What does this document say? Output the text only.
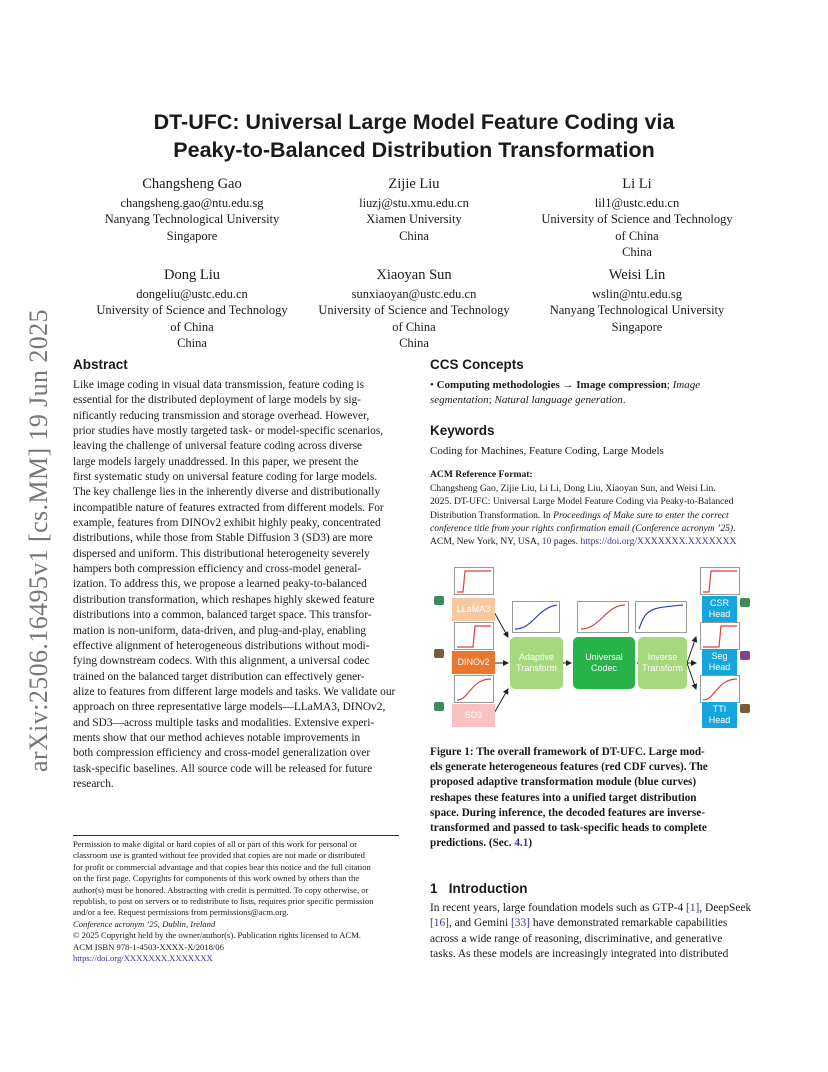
arXiv:2506.16495v1 [cs.MM] 19 Jun 2025
DT-UFC: Universal Large Model Feature Coding via
Peaky-to-Balanced Distribution Transformation
Changsheng Gao
changsheng.gao@ntu.edu.sg
Nanyang Technological University
Singapore
Zijie Liu
liuzj@stu.xmu.edu.cn
Xiamen University
China
Li Li
lil1@ustc.edu.cn
University of Science and Technology
of China
China
Dong Liu
dongeliu@ustc.edu.cn
University of Science and Technology
of China
China
Xiaoyan Sun
sunxiaoyan@ustc.edu.cn
University of Science and Technology
of China
China
Weisi Lin
wslin@ntu.edu.sg
Nanyang Technological University
Singapore
Abstract
Like image coding in visual data transmission, feature coding is
essential for the distributed deployment of large models by sig-
nificantly reducing transmission and storage overhead. However,
prior studies have mostly targeted task- or model-specific scenarios,
leaving the challenge of universal feature coding across diverse
large models largely unaddressed. In this paper, we present the
first systematic study on universal feature coding for large models.
The key challenge lies in the inherently diverse and distributionally
incompatible nature of features extracted from different models. For
example, features from DINOv2 exhibit highly peaky, concentrated
distributions, while those from Stable Diffusion 3 (SD3) are more
dispersed and uniform. This distributional heterogeneity severely
hampers both compression efficiency and cross-model general-
ization. To address this, we propose a learned peaky-to-balanced
distribution transformation, which reshapes highly skewed feature
distributions into a common, balanced target space. This transfor-
mation is non-uniform, data-driven, and plug-and-play, enabling
effective alignment of heterogeneous distributions without modi-
fying downstream codecs. With this alignment, a universal codec
trained on the balanced target distribution can effectively gener-
alize to features from different large models and tasks. We validate our
approach on three representative large models—LLaMA3, DINOv2,
and SD3—across multiple tasks and modalities. Extensive experi-
ments show that our method achieves notable improvements in
both compression efficiency and cross-model generalization over
task-specific baselines. All source code will be released for future
research.
Permission to make digital or hard copies of all or part of this work for personal or
classroom use is granted without fee provided that copies are not made or distributed
for profit or commercial advantage and that copies bear this notice and the full citation
on the first page. Copyrights for components of this work owned by others than the
author(s) must be honored. Abstracting with credit is permitted. To copy otherwise, or
republish, to post on servers or to redistribute to lists, requires prior specific permission
and/or a fee. Request permissions from permissions@acm.org.
Conference acronym ’25, Dublin, Ireland
© 2025 Copyright held by the owner/author(s). Publication rights licensed to ACM.
ACM ISBN 978-1-4503-XXXX-X/2018/06
https://doi.org/XXXXXXX.XXXXXXX
CCS Concepts
• Computing methodologies → Image compression; Image segmentation; Natural language generation.
Keywords
Coding for Machines, Feature Coding, Large Models
ACM Reference Format:
Changsheng Gao, Zijie Liu, Li Li, Dong Liu, Xiaoyan Sun, and Weisi Lin.
2025. DT-UFC: Universal Large Model Feature Coding via Peaky-to-Balanced
Distribution Transformation. In Proceedings of Make sure to enter the correct
conference title from your rights confirmation email (Conference acronym ’25).
ACM, New York, NY, USA, 10 pages. https://doi.org/XXXXXXX.XXXXXXX
LLaMA3
DINOv2
SD3
Adaptive
Transform
Universal
Codec
Inverse
Transform
CSR
Head
Seg
Head
TTI
Head
Figure 1: The overall framework of DT-UFC. Large mod-
els generate heterogeneous features (red CDF curves). The
proposed adaptive transformation module (blue curves)
reshapes these features into a unified target distribution
space. During inference, the decoded features are inverse-
transformed and passed to task-specific heads to complete
predictions. (Sec. 4.1)
1 Introduction
In recent years, large foundation models such as GTP-4 [1], DeepSeek
[16], and Gemini [33] have demonstrated remarkable capabilities
across a wide range of reasoning, discriminative, and generative
tasks. As these models are increasingly integrated into distributed
